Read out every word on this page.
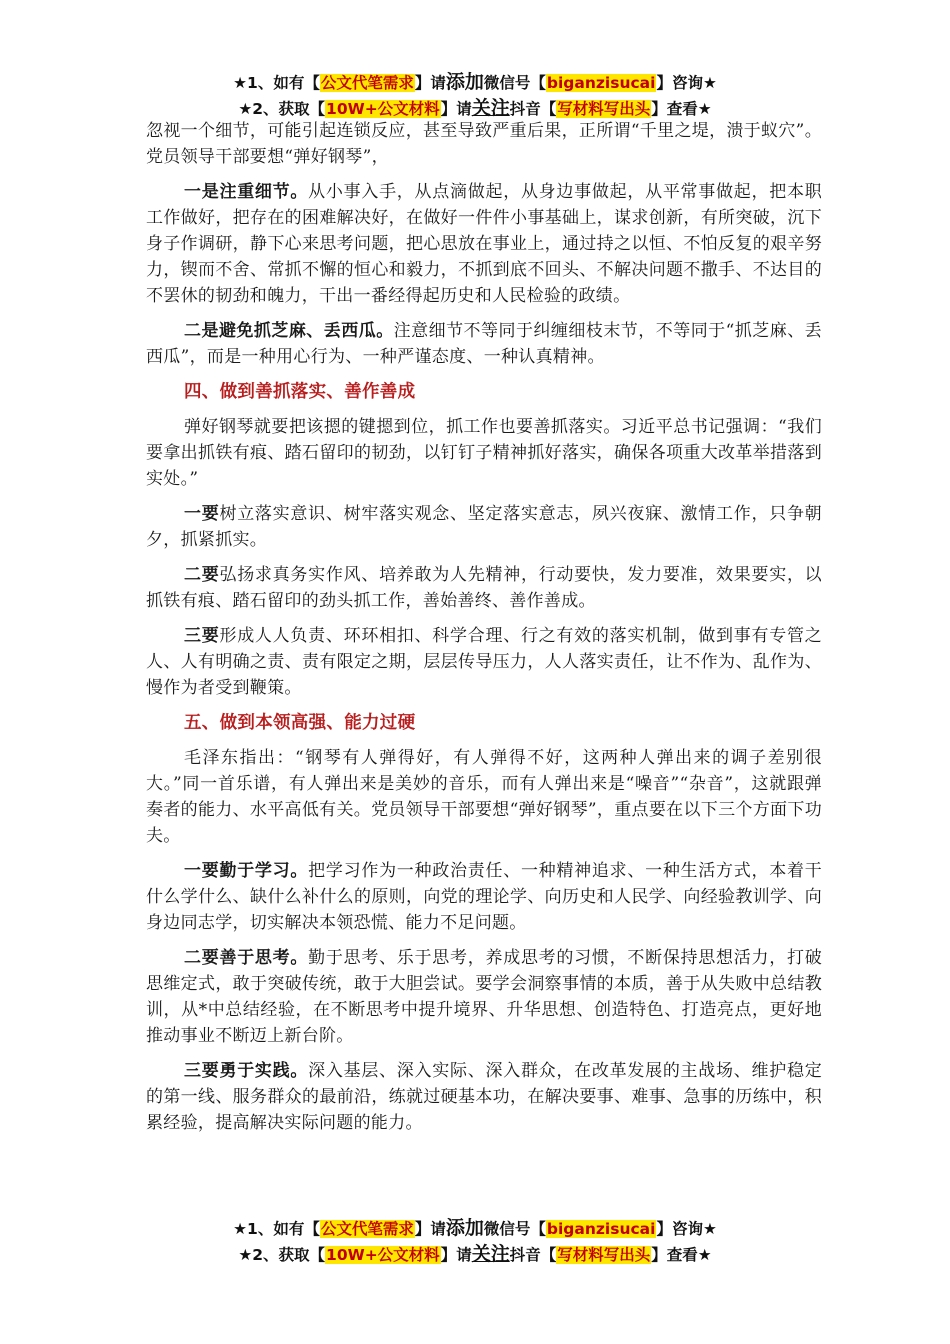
★1、如有【公文代笔需求】请添加微信号【biganzisucai】咨询★
★2、获取【10W+公文材料】请关注抖音【写材料写出头】查看★

忽视一个细节，可能引起连锁反应，甚至导致严重后果，正所谓“千里之堤，溃于蚁穴”。党员领导干部要想“弹好钢琴”，

一是注重细节。从小事入手，从点滴做起，从身边事做起，从平常事做起，把本职工作做好，把存在的困难解决好，在做好一件件小事基础上，谋求创新，有所突破，沉下身子作调研，静下心来思考问题，把心思放在事业上，通过持之以恒、不怕反复的艰辛努力，锲而不舍、常抓不懈的恒心和毅力，不抓到底不回头、不解决问题不撒手、不达目的不罢休的韧劲和魄力，干出一番经得起历史和人民检验的政绩。

二是避免抓芝麻、丢西瓜。注意细节不等同于纠缠细枝末节，不等同于“抓芝麻、丢西瓜”，而是一种用心行为、一种严谨态度、一种认真精神。

四、做到善抓落实、善作善成

弹好钢琴就要把该摁的键摁到位，抓工作也要善抓落实。习近平总书记强调：“我们要拿出抓铁有痕、踏石留印的韧劲，以钉钉子精神抓好落实，确保各项重大改革举措落到实处。”

一要树立落实意识、树牢落实观念、坚定落实意志，夙兴夜寐、激情工作，只争朝夕，抓紧抓实。

二要弘扬求真务实作风、培养敢为人先精神，行动要快，发力要准，效果要实，以抓铁有痕、踏石留印的劲头抓工作，善始善终、善作善成。

三要形成人人负责、环环相扣、科学合理、行之有效的落实机制，做到事有专管之人、人有明确之责、责有限定之期，层层传导压力，人人落实责任，让不作为、乱作为、慢作为者受到鞭策。

五、做到本领高强、能力过硬

毛泽东指出：“钢琴有人弹得好，有人弹得不好，这两种人弹出来的调子差别很大。”同一首乐谱，有人弹出来是美妙的音乐，而有人弹出来是“噪音”“杂音”，这就跟弹奏者的能力、水平高低有关。党员领导干部要想“弹好钢琴”，重点要在以下三个方面下功夫。

一要勤于学习。把学习作为一种政治责任、一种精神追求、一种生活方式，本着干什么学什么、缺什么补什么的原则，向党的理论学、向历史和人民学、向经验教训学、向身边同志学，切实解决本领恐慌、能力不足问题。

二要善于思考。勤于思考、乐于思考，养成思考的习惯，不断保持思想活力，打破思维定式，敢于突破传统，敢于大胆尝试。要学会洞察事情的本质，善于从失败中总结教训，从*中总结经验，在不断思考中提升境界、升华思想、创造特色、打造亮点，更好地推动事业不断迈上新台阶。

三要勇于实践。深入基层、深入实际、深入群众，在改革发展的主战场、维护稳定的第一线、服务群众的最前沿，练就过硬基本功，在解决要事、难事、急事的历练中，积累经验，提高解决实际问题的能力。

★1、如有【公文代笔需求】请添加微信号【biganzisucai】咨询★
★2、获取【10W+公文材料】请关注抖音【写材料写出头】查看★
